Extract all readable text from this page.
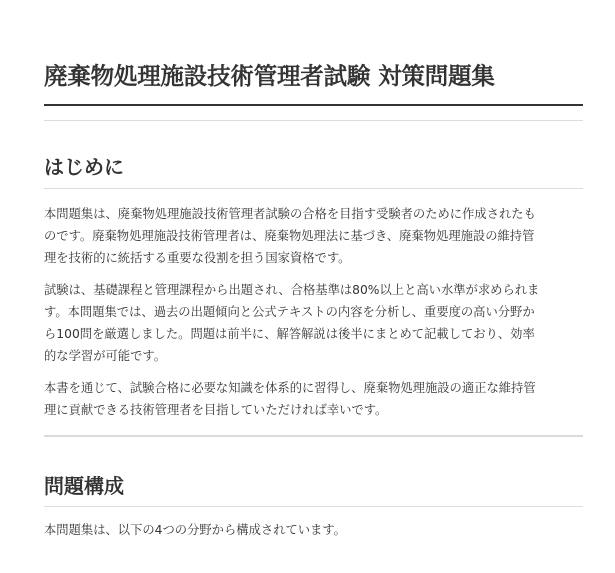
廃棄物処理施設技術管理者試験 対策問題集
はじめに

本問題集は、廃棄物処理施設技術管理者試験の合格を目指す受験者のために作成されたも
のです。廃棄物処理施設技術管理者は、廃棄物処理法に基づき、廃棄物処理施設の維持管
理を技術的に統括する重要な役割を担う国家資格です。

試験は、基礎課程と管理課程から出題され、合格基準は80%以上と高い水準が求められま
す。本問題集では、過去の出題傾向と公式テキストの内容を分析し、重要度の高い分野か
ら100問を厳選しました。問題は前半に、解答解説は後半にまとめて記載しており、効率
的な学習が可能です。

本書を通じて、試験合格に必要な知識を体系的に習得し、廃棄物処理施設の適正な維持管
理に貢献できる技術管理者を目指していただければ幸いです。

問題構成

本問題集は、以下の4つの分野から構成されています。
